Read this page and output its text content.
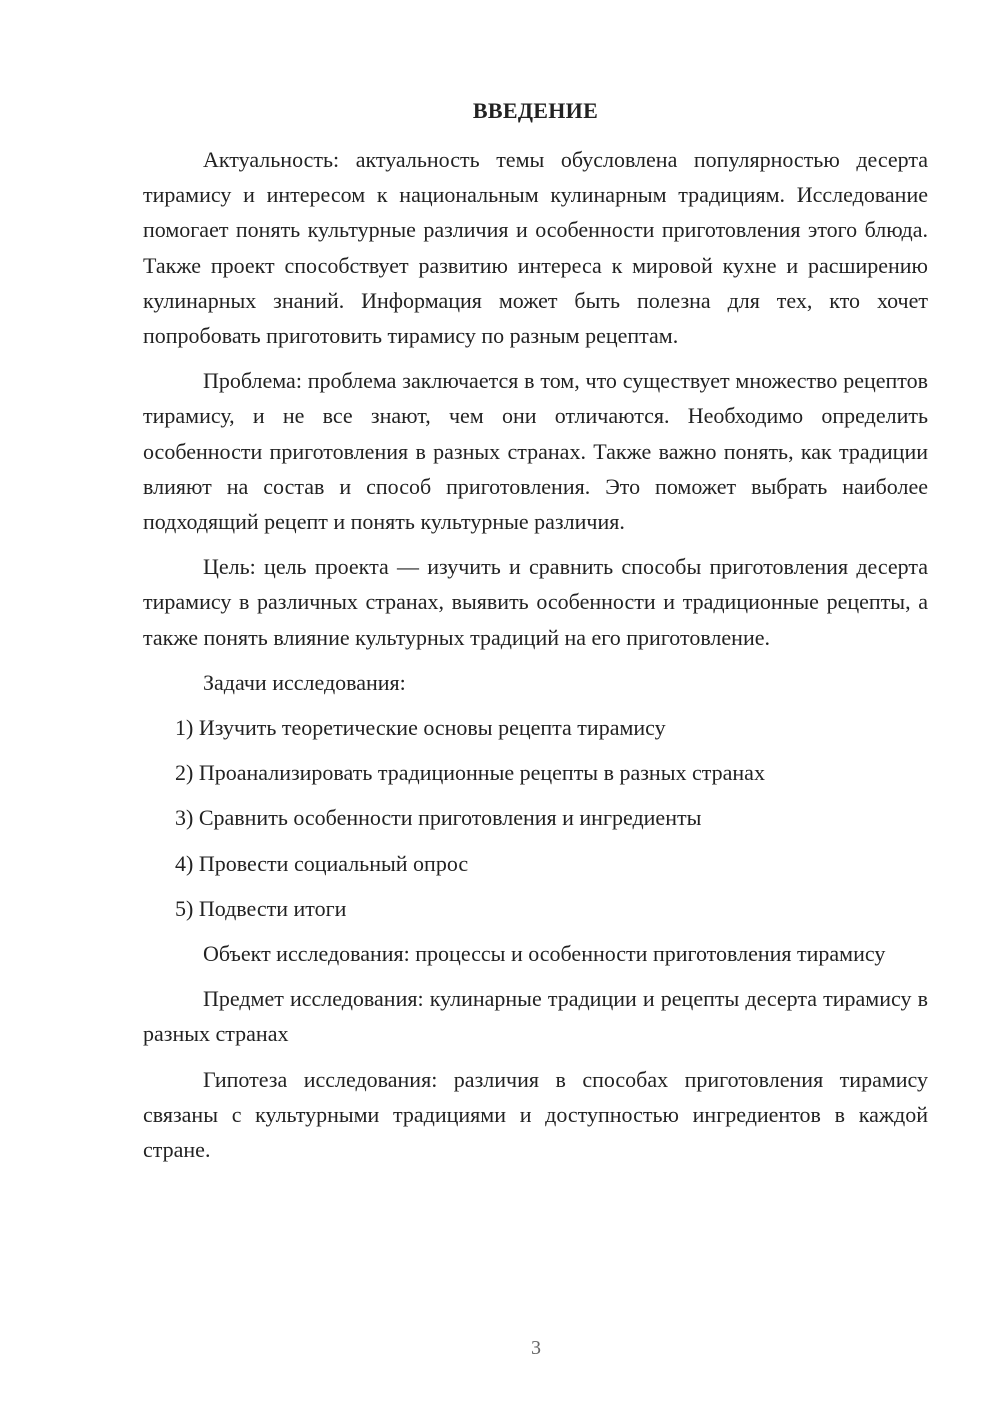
ВВЕДЕНИЕ

Актуальность: актуальность темы обусловлена популярностью десерта тирамису и интересом к национальным кулинарным традициям. Исследование помогает понять культурные различия и особенности приготовления этого блюда. Также проект способствует развитию интереса к мировой кухне и расширению кулинарных знаний. Информация может быть полезна для тех, кто хочет попробовать приготовить тирамису по разным рецептам.

Проблема: проблема заключается в том, что существует множество рецептов тирамису, и не все знают, чем они отличаются. Необходимо определить особенности приготовления в разных странах. Также важно понять, как традиции влияют на состав и способ приготовления. Это поможет выбрать наиболее подходящий рецепт и понять культурные различия.

Цель: цель проекта — изучить и сравнить способы приготовления десерта тирамису в различных странах, выявить особенности и традиционные рецепты, а также понять влияние культурных традиций на его приготовление.

Задачи исследования:

1) Изучить теоретические основы рецепта тирамису

2) Проанализировать традиционные рецепты в разных странах

3) Сравнить особенности приготовления и ингредиенты

4) Провести социальный опрос

5) Подвести итоги

Объект исследования: процессы и особенности приготовления тирамису

Предмет исследования: кулинарные традиции и рецепты десерта тирамису в разных странах

Гипотеза исследования: различия в способах приготовления тирамису связаны с культурными традициями и доступностью ингредиентов в каждой стране.

3
